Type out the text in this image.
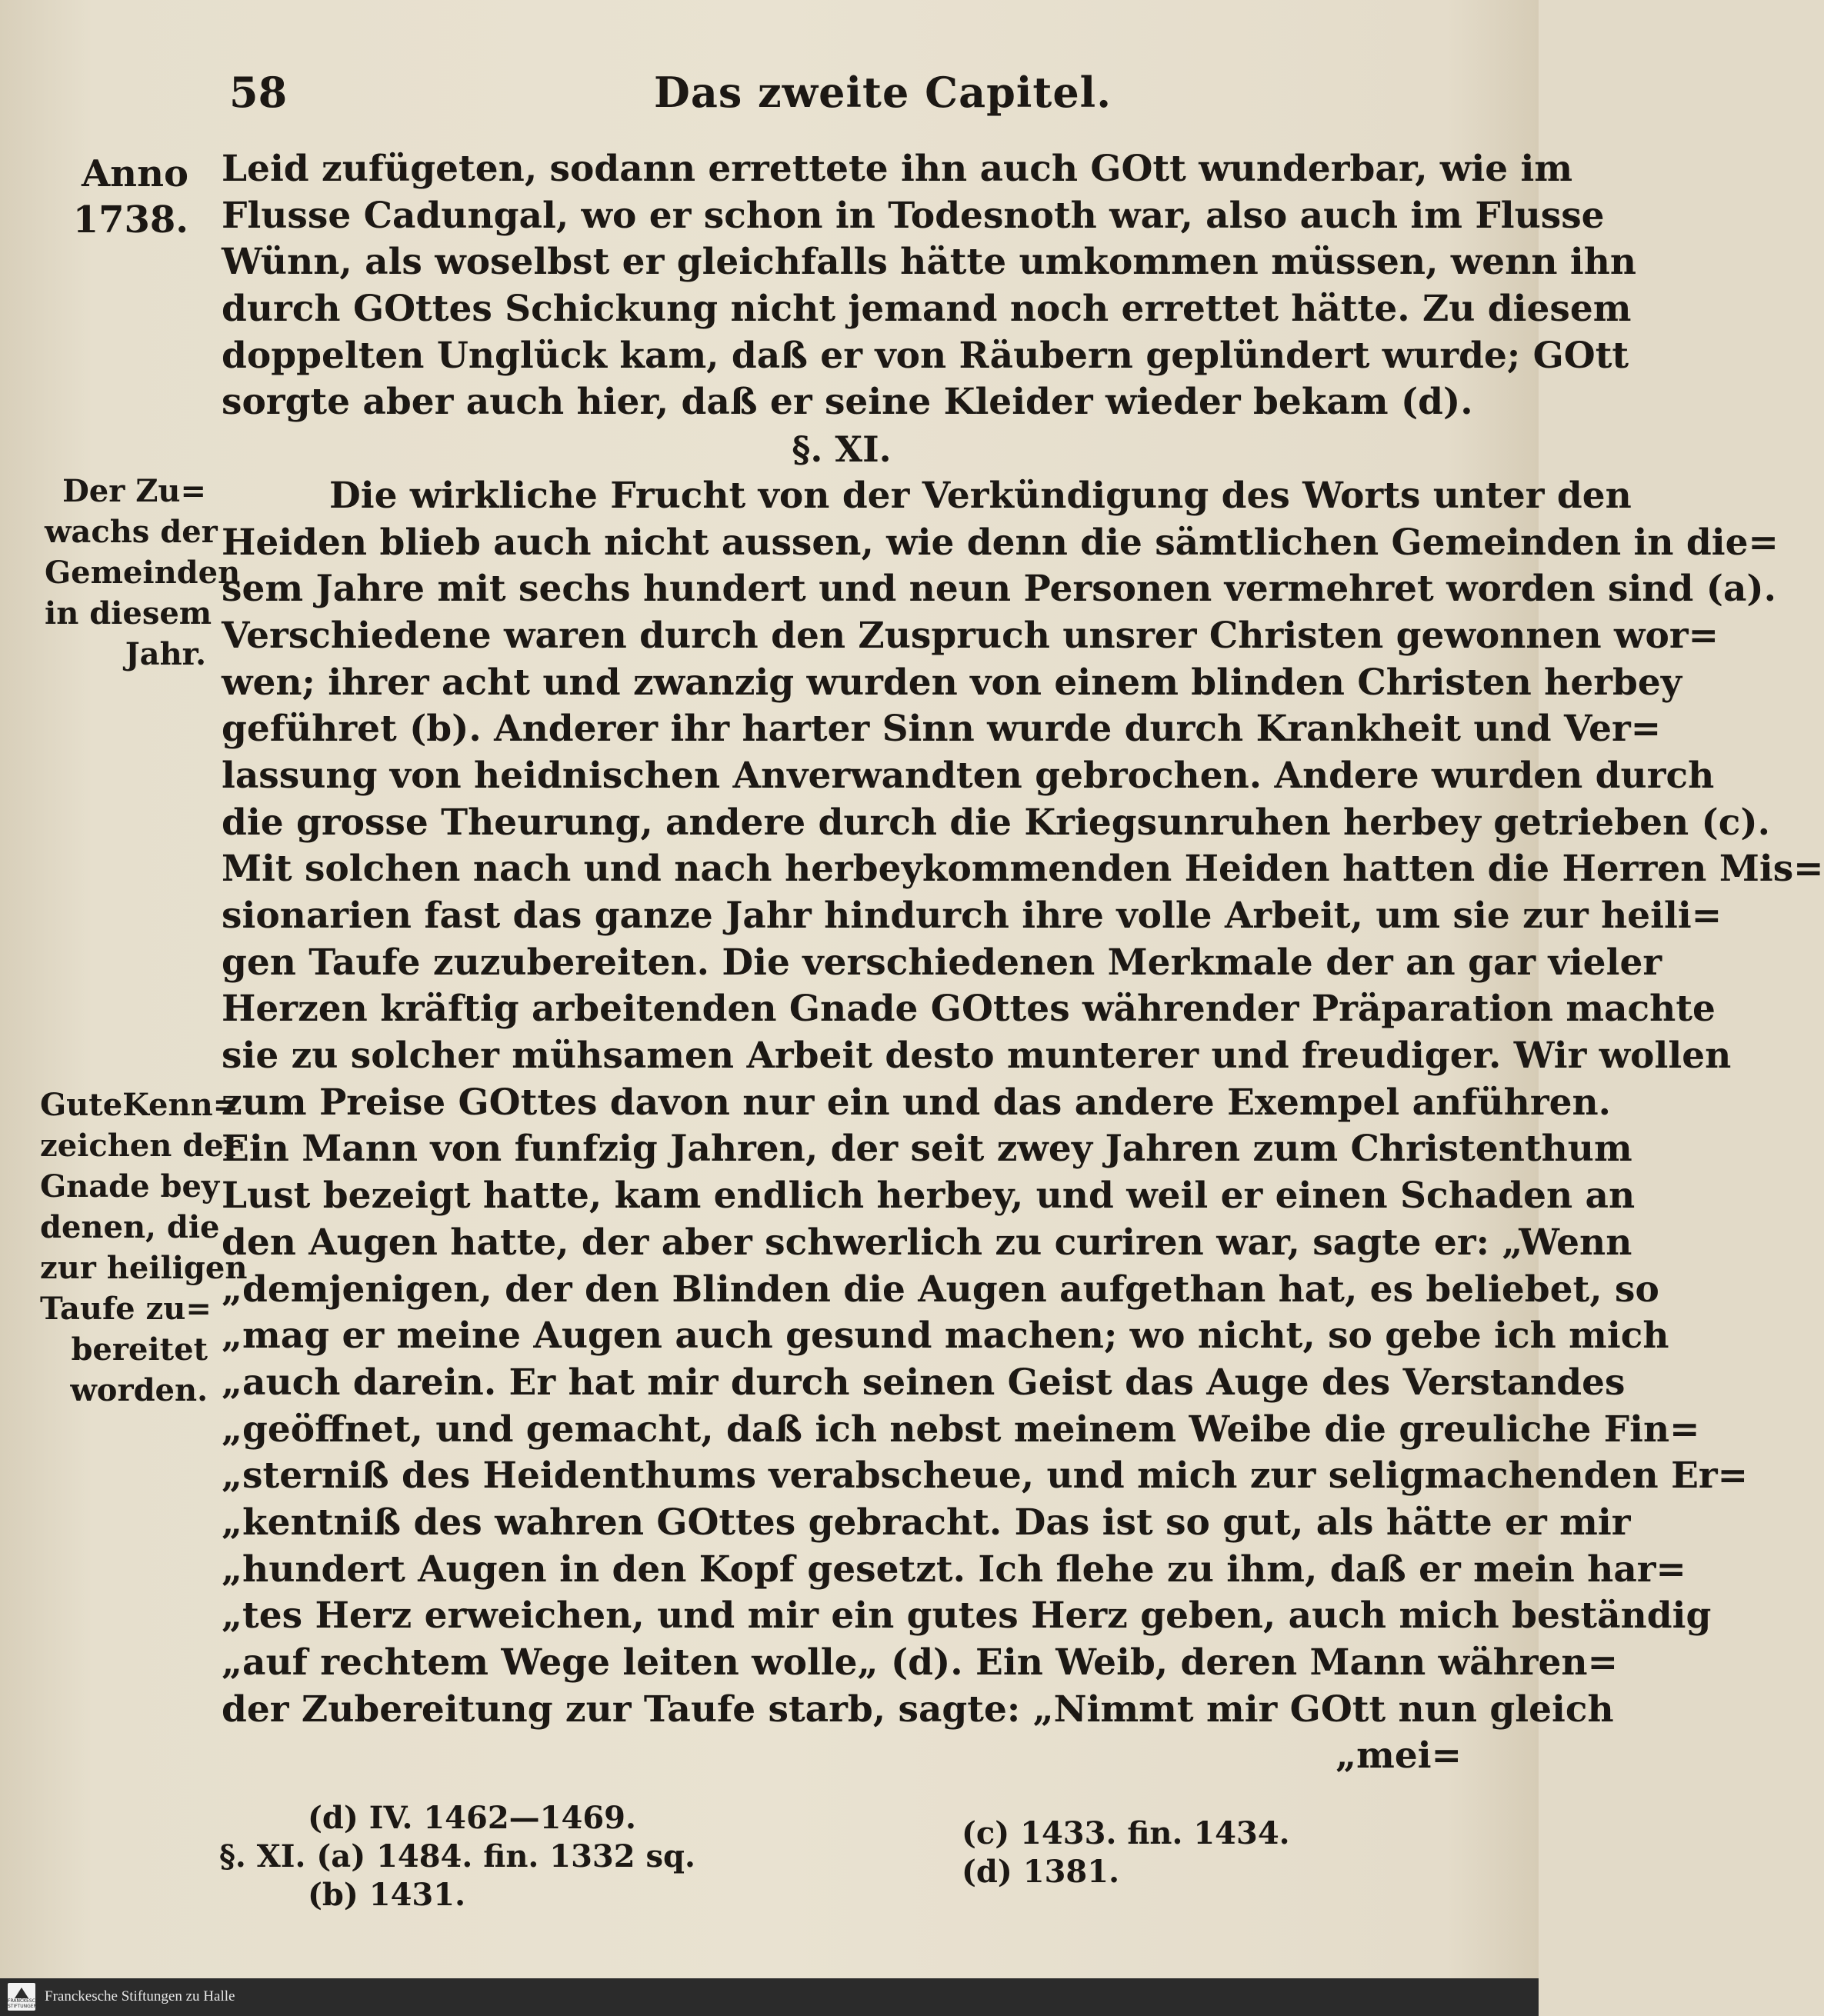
58	Das zweite Capitel.
Anno
1738.
Der Zu=
wachs der
Gemeinden
in diesem
Jahr.
GuteKenn=
zeichen der
Gnade bey
denen, die
zur heiligen
Taufe zu=
bereitet
worden.
Leid zufügeten, sodann errettete ihn auch GOtt wunderbar, wie im
Flusse Cadungal, wo er schon in Todesnoth war, also auch im Flusse
Wünn, als woselbst er gleichfalls hätte umkommen müssen, wenn ihn
durch GOttes Schickung nicht jemand noch errettet hätte. Zu diesem
doppelten Unglück kam, daß er von Räubern geplündert wurde; GOtt
sorgte aber auch hier, daß er seine Kleider wieder bekam (d).
§. XI.
Die wirkliche Frucht von der Verkündigung des Worts unter den
Heiden blieb auch nicht aussen, wie denn die sämtlichen Gemeinden in die=
sem Jahre mit sechs hundert und neun Personen vermehret worden sind (a).
Verschiedene waren durch den Zuspruch unsrer Christen gewonnen wor=
wen; ihrer acht und zwanzig wurden von einem blinden Christen herbey
geführet (b). Anderer ihr harter Sinn wurde durch Krankheit und Ver=
lassung von heidnischen Anverwandten gebrochen. Andere wurden durch
die grosse Theurung, andere durch die Kriegsunruhen herbey getrieben (c).
Mit solchen nach und nach herbeykommenden Heiden hatten die Herren Mis=
sionarien fast das ganze Jahr hindurch ihre volle Arbeit, um sie zur heili=
gen Taufe zuzubereiten. Die verschiedenen Merkmale der an gar vieler
Herzen kräftig arbeitenden Gnade GOttes währender Präparation machte
sie zu solcher mühsamen Arbeit desto munterer und freudiger. Wir wollen
zum Preise GOttes davon nur ein und das andere Exempel anführen.
Ein Mann von funfzig Jahren, der seit zwey Jahren zum Christenthum
Lust bezeigt hatte, kam endlich herbey, und weil er einen Schaden an
den Augen hatte, der aber schwerlich zu curiren war, sagte er: „Wenn
„demjenigen, der den Blinden die Augen aufgethan hat, es beliebet, so
„mag er meine Augen auch gesund machen; wo nicht, so gebe ich mich
„auch darein. Er hat mir durch seinen Geist das Auge des Verstandes
„geöffnet, und gemacht, daß ich nebst meinem Weibe die greuliche Fin=
„sterniß des Heidenthums verabscheue, und mich zur seligmachenden Er=
„kentniß des wahren GOttes gebracht. Das ist so gut, als hätte er mir
„hundert Augen in den Kopf gesetzt. Ich flehe zu ihm, daß er mein har=
„tes Herz erweichen, und mir ein gutes Herz geben, auch mich beständig
„auf rechtem Wege leiten wolle„ (d). Ein Weib, deren Mann währen=
der Zubereitung zur Taufe starb, sagte: „Nimmt mir GOtt nun gleich
„mei=
(d) IV. 1462—1469.
§. XI. (a) 1484. fin. 1332 sq.
(b) 1431.
(c) 1433. fin. 1434.
(d) 1381.
FRANCKESCHE STIFTUNGEN
Franckesche Stiftungen zu Halle
